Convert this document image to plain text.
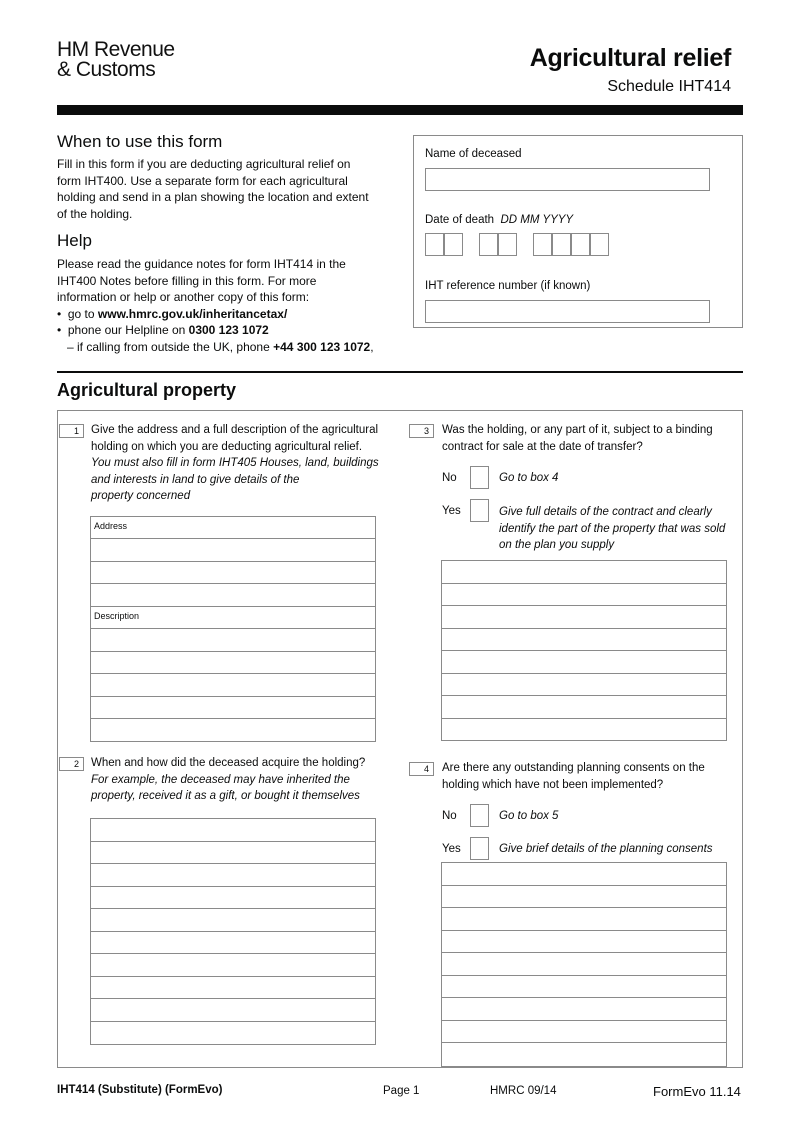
HM Revenue
& Customs	Agricultural relief
Schedule IHT414
When to use this form
Fill in this form if you are deducting agricultural relief on
form IHT400. Use a separate form for each agricultural
holding and send in a plan showing the location and extent
of the holding.
Help
Please read the guidance notes for form IHT414 in the
IHT400 Notes before filling in this form. For more
information or help or another copy of this form:
•  go to www.hmrc.gov.uk/inheritancetax/
•  phone our Helpline on 0300 123 1072
– if calling from outside the UK, phone +44 300 123 1072,
Name of deceased
Date of death DD MM YYYY

IHT reference number (if known)
Agricultural property
1	Give the address and a full description of the agricultural
holding on which you are deducting agricultural relief.
You must also fill in form IHT405 Houses, land, buildings
and interests in land to give details of the
property concerned
Address
Description
2	When and how did the deceased acquire the holding?
For example, the deceased may have inherited the
property, received it as a gift, or bought it themselves
3	Was the holding, or any part of it, subject to a binding
contract for sale at the date of transfer?
No	Go to box 4
Yes	Give full details of the contract and clearly
identify the part of the property that was sold
on the plan you supply
4	Are there any outstanding planning consents on the
holding which have not been implemented?
No	Go to box 5
Yes	Give brief details of the planning consents
IHT414 (Substitute) (FormEvo)	Page 1	HMRC 09/14	FormEvo 11.14
